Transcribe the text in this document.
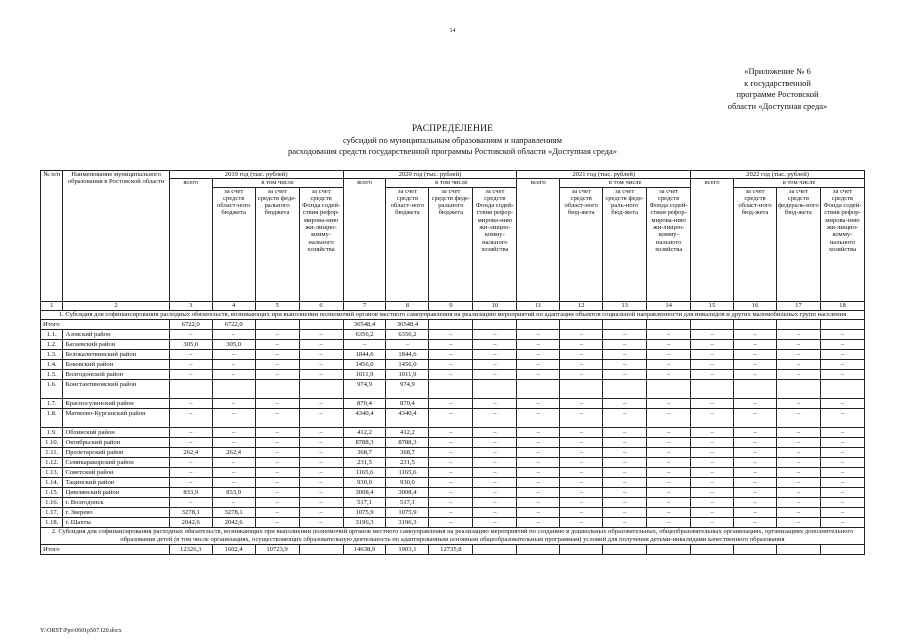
14
«Приложение № 6
к государственной
программе Ростовской
области «Доступная среда»
РАСПРЕДЕЛЕНИЕ
субсидий по муниципальным образованиям и направлениям
расходования средств государственной программы Ростовской области «Доступная среда»
№ п/п	Наименование муниципального образования в Ростовской области	2019 год (тыс. рублей)				2020 год (тыс. рублей)				2021 год (тыс. рублей)				2022 год (тыс. рублей)			
		всего	в том числе			всего	в том числе			всего	в том числе			всего	в том числе		
			за счет средств област-ного бюджета	за счет средств феде-рального бюджета	за счет средств Фонда содей-ствия рефор-мирова-нию жи-лищно-комму-нального хозяйства		за счет средств област-ного бюджета	за счет средств феде-рального бюджета	за счет средств Фонда содей-ствия рефор-мирова-нию жи-лищно-комму-нального хозяйства		за счет средств област-ного бюд-жета	за счет средств феде-раль-ного бюд-жета	за счет средств Фонда содей-ствия рефор-мирова-нию жи-лищно-комму-нального хозяйства		за счет средств област-ного бюд-жета	за счет средств федераль-ного бюд-жета	за счет средств Фонда содей-ствия рефор-мирова-нию жи-лищно-комму-нального хозяйства
1	2	3	4	5	6	7	8	9	10	11	12	13	14	15	16	17	18
1. Субсидия для софинансирования расходных обязательств, возникающих при выполнении полномочий органов местного самоуправления на реализацию мероприятий по адаптации объектов социальной направленности для инвалидов и других маломобильных групп населения																	
Итого		6722,0	6722,0			36548,4	36548,4										
1.1.	Азовский район	–	–	–	–	6356,2	6356,2	–	–	–	–	–	–	–	–	–	–
1.2.	Багаевский район	305,0	305,0	–	–	–	–	–	–	–	–	–	–	–	–	–	–
1.3.	Белокалитвинский район	–	–	–	–	1844,6	1844,6	–	–	–	–	–	–	–	–	–	–
1.4.	Боковский район	–	–	–	–	1456,0	1456,0	–	–	–	–	–	–	–	–	–	–
1.5.	Волгодонской район	–	–	–	–	1011,9	1011,9	–	–	–	–	–	–	–	–	–	–
1.6.	Константиновский район					974,9	974,9										
1.7.	Красносулинский район	–	–	–	–	870,4	870,4	–	–	–	–	–	–	–	–	–	–
1.8.	Матвеево-Курганский район	–	–	–	–	4340,4	4340,4	–	–	–	–	–	–	–	–	–	–
1.9.	Обливский район	–	–	–	–	412,2	412,2	–	–	–	–	–	–	–	–	–	–
1.10.	Октябрьский район	–	–	–	–	8788,3	8788,3	–	–	–	–	–	–	–	–	–	–
1.11.	Пролетарский район	262,4	262,4	–	–	368,7	368,7	–	–	–	–	–	–	–	–	–	–
1.12.	Семикаракорский район	–	–	–	–	231,5	231,5	–	–	–	–	–	–	–	–	–	–
1.13.	Советский район	–	–	–	–	1165,6	1165,6	–	–	–	–	–	–	–	–	–	–
1.14.	Тацинский район	–	–	–	–	930,0	930,0	–	–	–	–	–	–	–	–	–	–
1.15.	Цимлянский район	833,9	833,9	–	–	3008,4	3008,4	–	–	–	–	–	–	–	–	–	–
1.16.	г. Волгодонск	–	–	–	–	517,1	517,1	–	–	–	–	–	–	–	–	–	–
1.17.	г. Зверево	3278,1	3278,1	–	–	1075,9	1075,9	–	–	–	–	–	–	–	–	–	–
1.18.	г. Шахты	2042,6	2042,6	–	–	3196,3	3196,3	–	–	–	–	–	–	–	–	–	–
2. Субсидия для софинансирования расходных обязательств, возникающих при выполнении полномочий органов местного самоуправления на реализацию мероприятий по созданию в дошкольных образовательных, общеобразовательных организациях, организациях дополнительного образования детей (в том числе организациях, осуществляющих образовательную деятельность по адаптированным основным общеобразовательным программам) условий для получения детьми-инвалидами качественного образования																	
Итого		12326,3	1602,4	10723,9		14638,9	1903,1	12735,8									
Y:\ORST\Ppo\0601p507.f20.docx
